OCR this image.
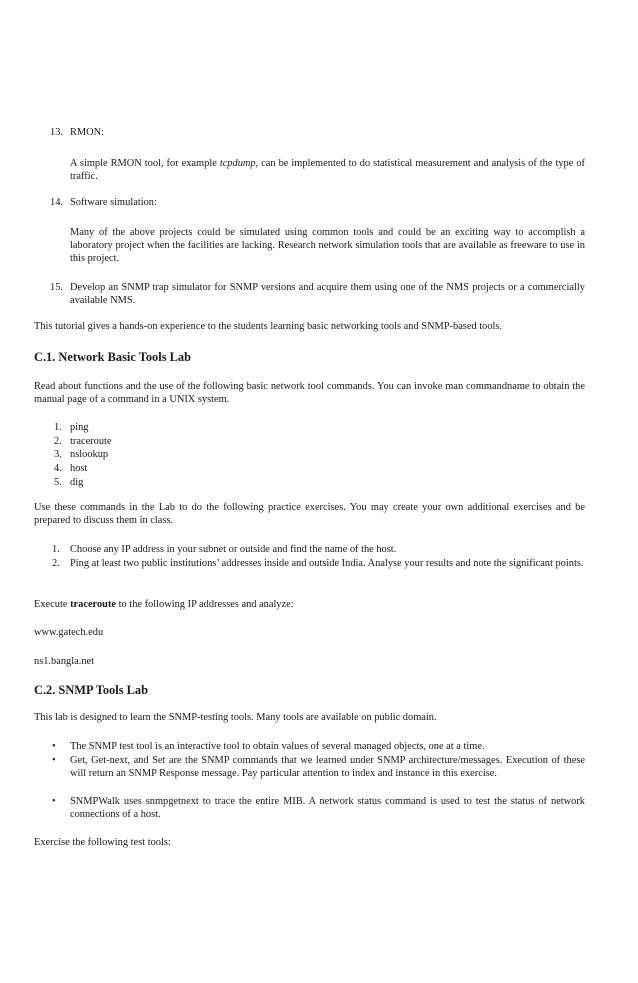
13. RMON:

A simple RMON tool, for example tcpdump, can be implemented to do statistical measurement and analysis of the type of traffic.

14. Software simulation:

Many of the above projects could be simulated using common tools and could be an exciting way to accomplish a laboratory project when the facilities are lacking. Research network simulation tools that are available as freeware to use in this project.

15. Develop an SNMP trap simulator for SNMP versions and acquire them using one of the NMS projects or a commercially available NMS.

This tutorial gives a hands-on experience to the students learning basic networking tools and SNMP-based tools.

C.1. Network Basic Tools Lab

Read about functions and the use of the following basic network tool commands. You can invoke man commandname to obtain the manual page of a command in a UNIX system.

1. ping
2. traceroute
3. nslookup
4. host
5. dig

Use these commands in the Lab to do the following practice exercises. You may create your own additional exercises and be prepared to discuss them in class.

1. Choose any IP address in your subnet or outside and find the name of the host.

2. Ping at least two public institutions’ addresses inside and outside India. Analyse your results and note the significant points.

Execute traceroute to the following IP addresses and analyze:

www.gatech.edu
ns1.bangla.net
C.2. SNMP Tools Lab

This lab is designed to learn the SNMP-testing tools. Many tools are available on public domain.

• The SNMP test tool is an interactive tool to obtain values of several managed objects, one at a time.

• Get, Get-next, and Set are the SNMP commands that we learned under SNMP architecture/messages. Execution of these will return an SNMP Response message. Pay particular attention to index and instance in this exercise.

• SNMPWalk uses snmpgetnext to trace the entire MIB. A network status command is used to test the status of network connections of a host.

Exercise the following test tools:
